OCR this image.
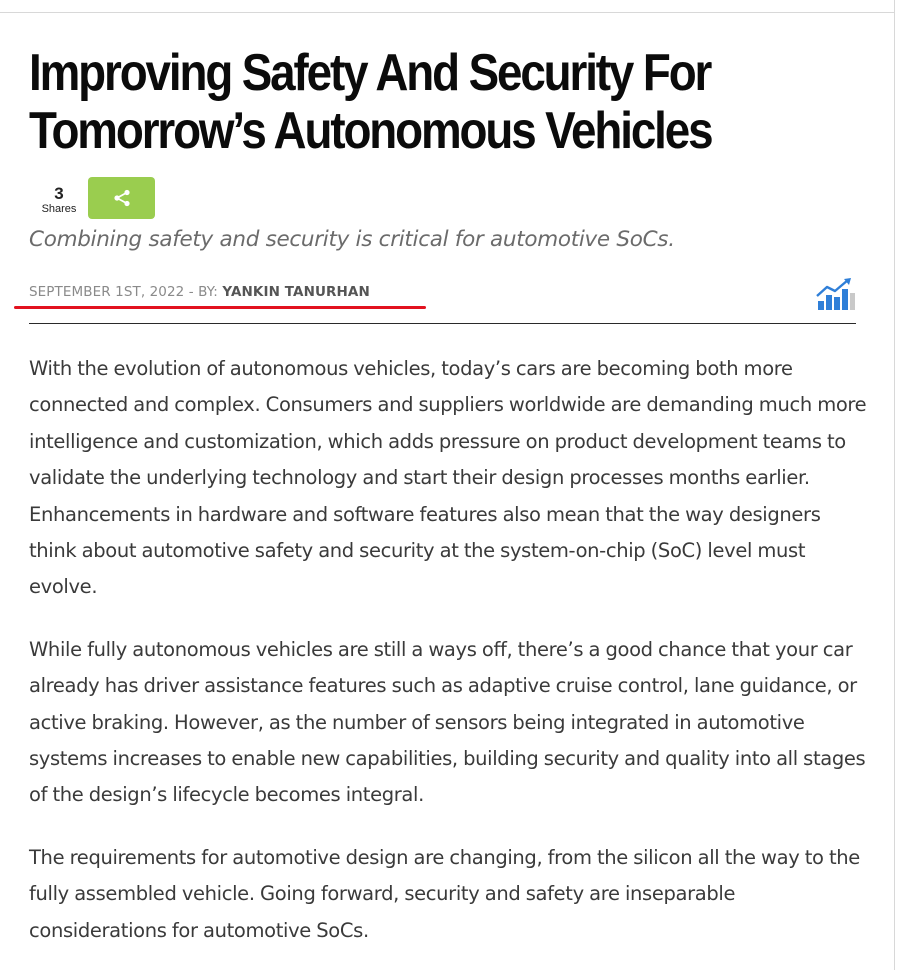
Improving Safety And Security For Tomorrow’s Autonomous Vehicles
3
Shares

Combining safety and security is critical for automotive SoCs.

SEPTEMBER 1ST, 2022 - BY: YANKIN TANURHAN

With the evolution of autonomous vehicles, today’s cars are becoming both more connected and complex. Consumers and suppliers worldwide are demanding much more intelligence and customization, which adds pressure on product development teams to validate the underlying technology and start their design processes months earlier. Enhancements in hardware and software features also mean that the way designers think about automotive safety and security at the system-on-chip (SoC) level must evolve.

While fully autonomous vehicles are still a ways off, there’s a good chance that your car already has driver assistance features such as adaptive cruise control, lane guidance, or active braking. However, as the number of sensors being integrated in automotive systems increases to enable new capabilities, building security and quality into all stages of the design’s lifecycle becomes integral.

The requirements for automotive design are changing, from the silicon all the way to the fully assembled vehicle. Going forward, security and safety are inseparable considerations for automotive SoCs.
